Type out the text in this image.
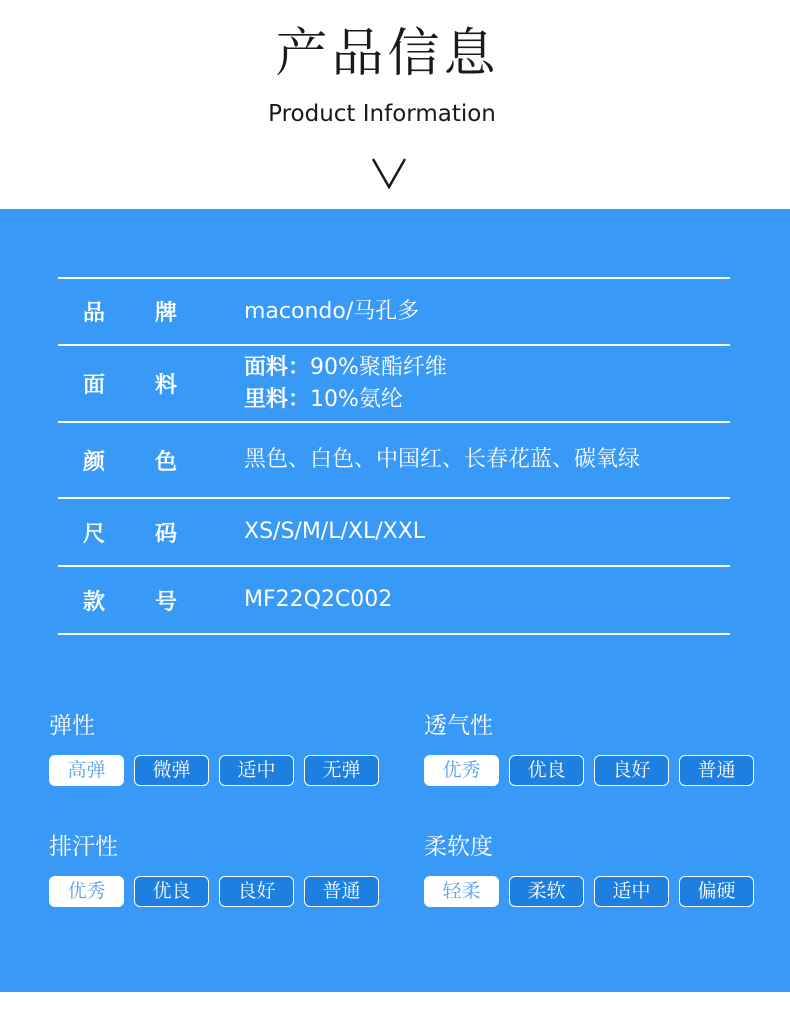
产品信息
Product Information
品	牌	macondo/马孔多
面	料
面料：90%聚酯纤维
里料：10%氨纶
颜	色	黑色、白色、中国红、长春花蓝、碳氧绿
尺	码	XS/S/M/L/XL/XXL
款	号	MF22Q2C002
弹性
高弹	微弹	适中	无弹
透气性
优秀	优良	良好	普通
排汗性
优秀	优良	良好	普通
柔软度
轻柔	柔软	适中	偏硬
